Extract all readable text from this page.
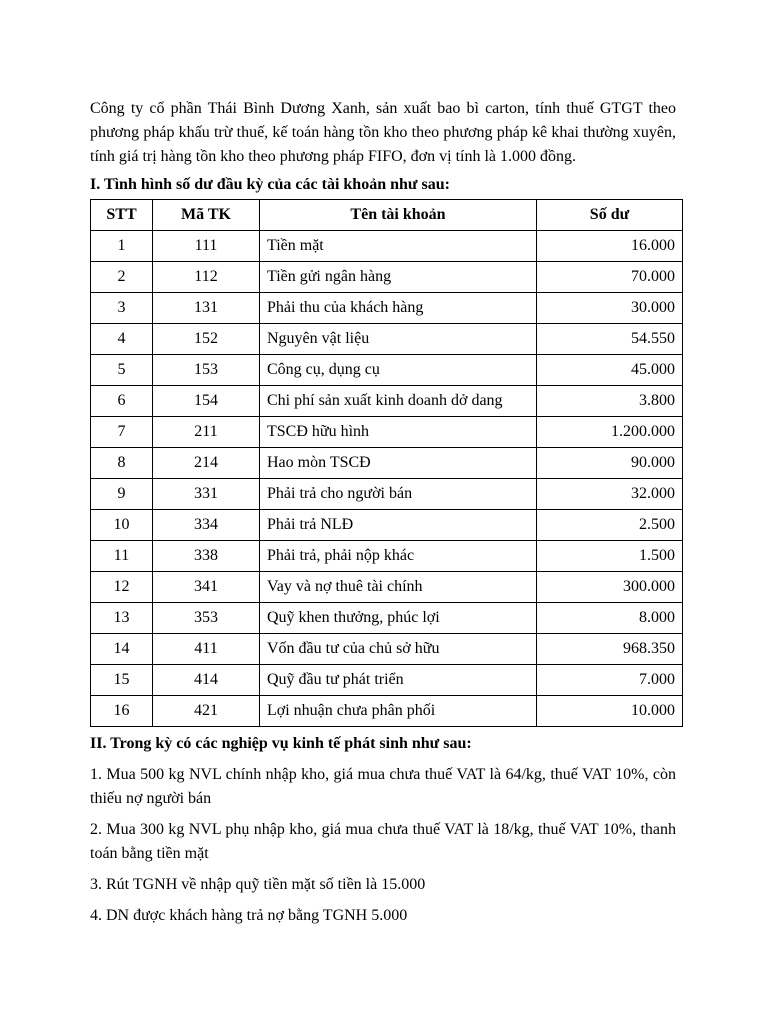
Công ty cổ phần Thái Bình Dương Xanh, sản xuất bao bì carton, tính thuế GTGT theo phương pháp khấu trừ thuế, kế toán hàng tồn kho theo phương pháp kê khai thường xuyên, tính giá trị hàng tồn kho theo phương pháp FIFO, đơn vị tính là 1.000 đồng.

I. Tình hình số dư đầu kỳ của các tài khoản như sau:

STT	Mã TK	Tên tài khoản	Số dư
1	111	Tiền mặt	16.000
2	112	Tiền gửi ngân hàng	70.000
3	131	Phải thu của khách hàng	30.000
4	152	Nguyên vật liệu	54.550
5	153	Công cụ, dụng cụ	45.000
6	154	Chi phí sản xuất kinh doanh dở dang	3.800
7	211	TSCĐ hữu hình	1.200.000
8	214	Hao mòn TSCĐ	90.000
9	331	Phải trả cho người bán	32.000
10	334	Phải trả NLĐ	2.500
11	338	Phải trả, phải nộp khác	1.500
12	341	Vay và nợ thuê tài chính	300.000
13	353	Quỹ khen thưởng, phúc lợi	8.000
14	411	Vốn đầu tư của chủ sở hữu	968.350
15	414	Quỹ đầu tư phát triển	7.000
16	421	Lợi nhuận chưa phân phối	10.000

II. Trong kỳ có các nghiệp vụ kinh tế phát sinh như sau:

1. Mua 500 kg NVL chính nhập kho, giá mua chưa thuế VAT là 64/kg, thuế VAT 10%, còn thiếu nợ người bán

2. Mua 300 kg NVL phụ nhập kho, giá mua chưa thuế VAT là 18/kg, thuế VAT 10%, thanh toán bằng tiền mặt

3. Rút TGNH về nhập quỹ tiền mặt số tiền là 15.000

4. DN được khách hàng trả nợ bằng TGNH 5.000
